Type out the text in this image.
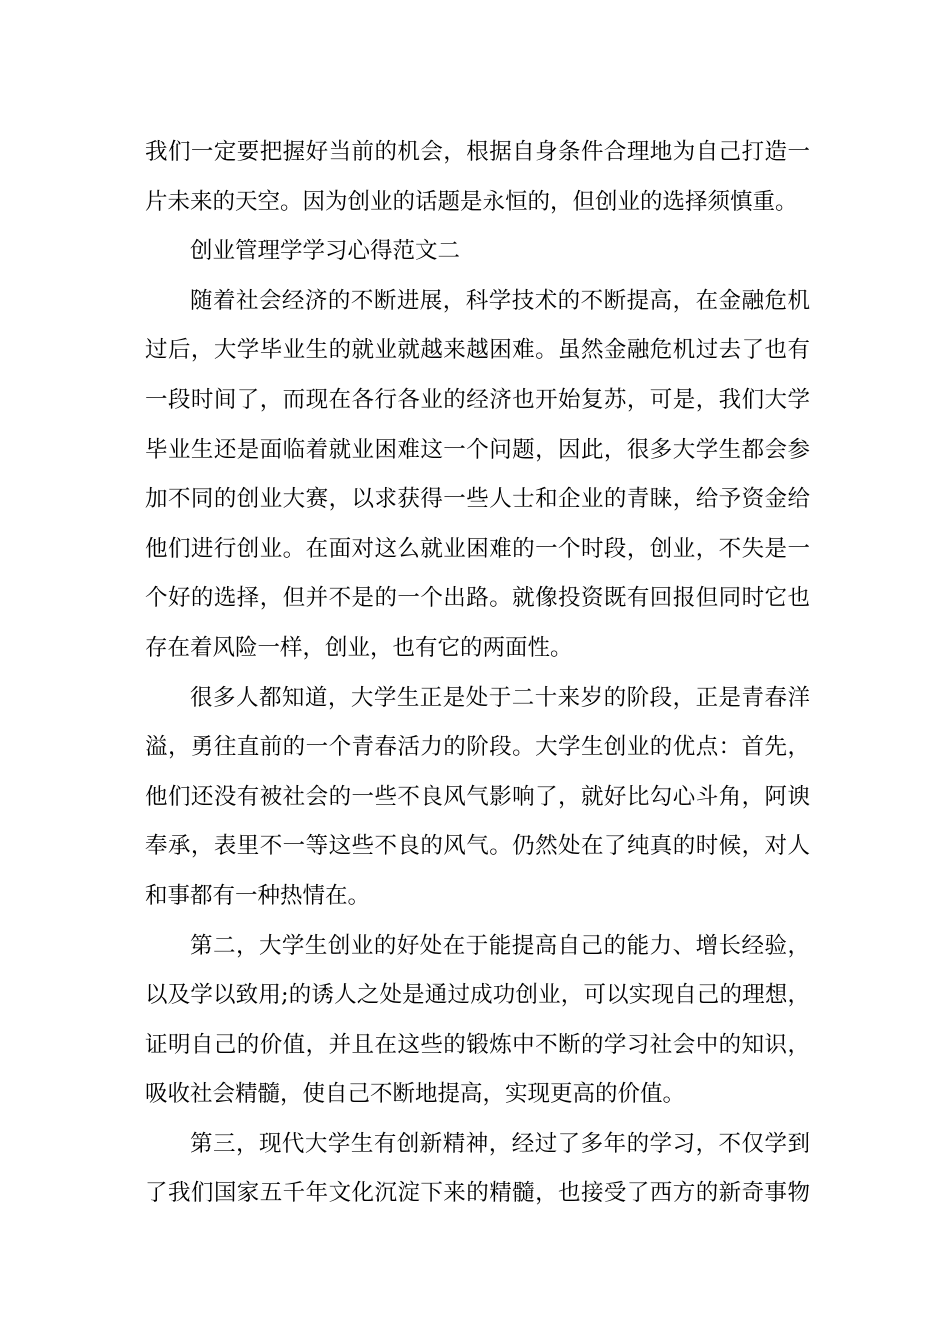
我们一定要把握好当前的机会，根据自身条件合理地为自己打造一
片未来的天空。因为创业的话题是永恒的，但创业的选择须慎重。
创业管理学学习心得范文二
随着社会经济的不断进展，科学技术的不断提高，在金融危机
过后，大学毕业生的就业就越来越困难。虽然金融危机过去了也有
一段时间了，而现在各行各业的经济也开始复苏，可是，我们大学
毕业生还是面临着就业困难这一个问题，因此，很多大学生都会参
加不同的创业大赛，以求获得一些人士和企业的青睐，给予资金给
他们进行创业。在面对这么就业困难的一个时段，创业，不失是一
个好的选择，但并不是的一个出路。就像投资既有回报但同时它也
存在着风险一样，创业，也有它的两面性。
很多人都知道，大学生正是处于二十来岁的阶段，正是青春洋
溢，勇往直前的一个青春活力的阶段。大学生创业的优点：首先，
他们还没有被社会的一些不良风气影响了，就好比勾心斗角，阿谀
奉承，表里不一等这些不良的风气。仍然处在了纯真的时候，对人
和事都有一种热情在。
第二，大学生创业的好处在于能提高自己的能力、增长经验，
以及学以致用;的诱人之处是通过成功创业，可以实现自己的理想，
证明自己的价值，并且在这些的锻炼中不断的学习社会中的知识，
吸收社会精髓，使自己不断地提高，实现更高的价值。
第三，现代大学生有创新精神，经过了多年的学习，不仅学到
了我们国家五千年文化沉淀下来的精髓，也接受了西方的新奇事物
